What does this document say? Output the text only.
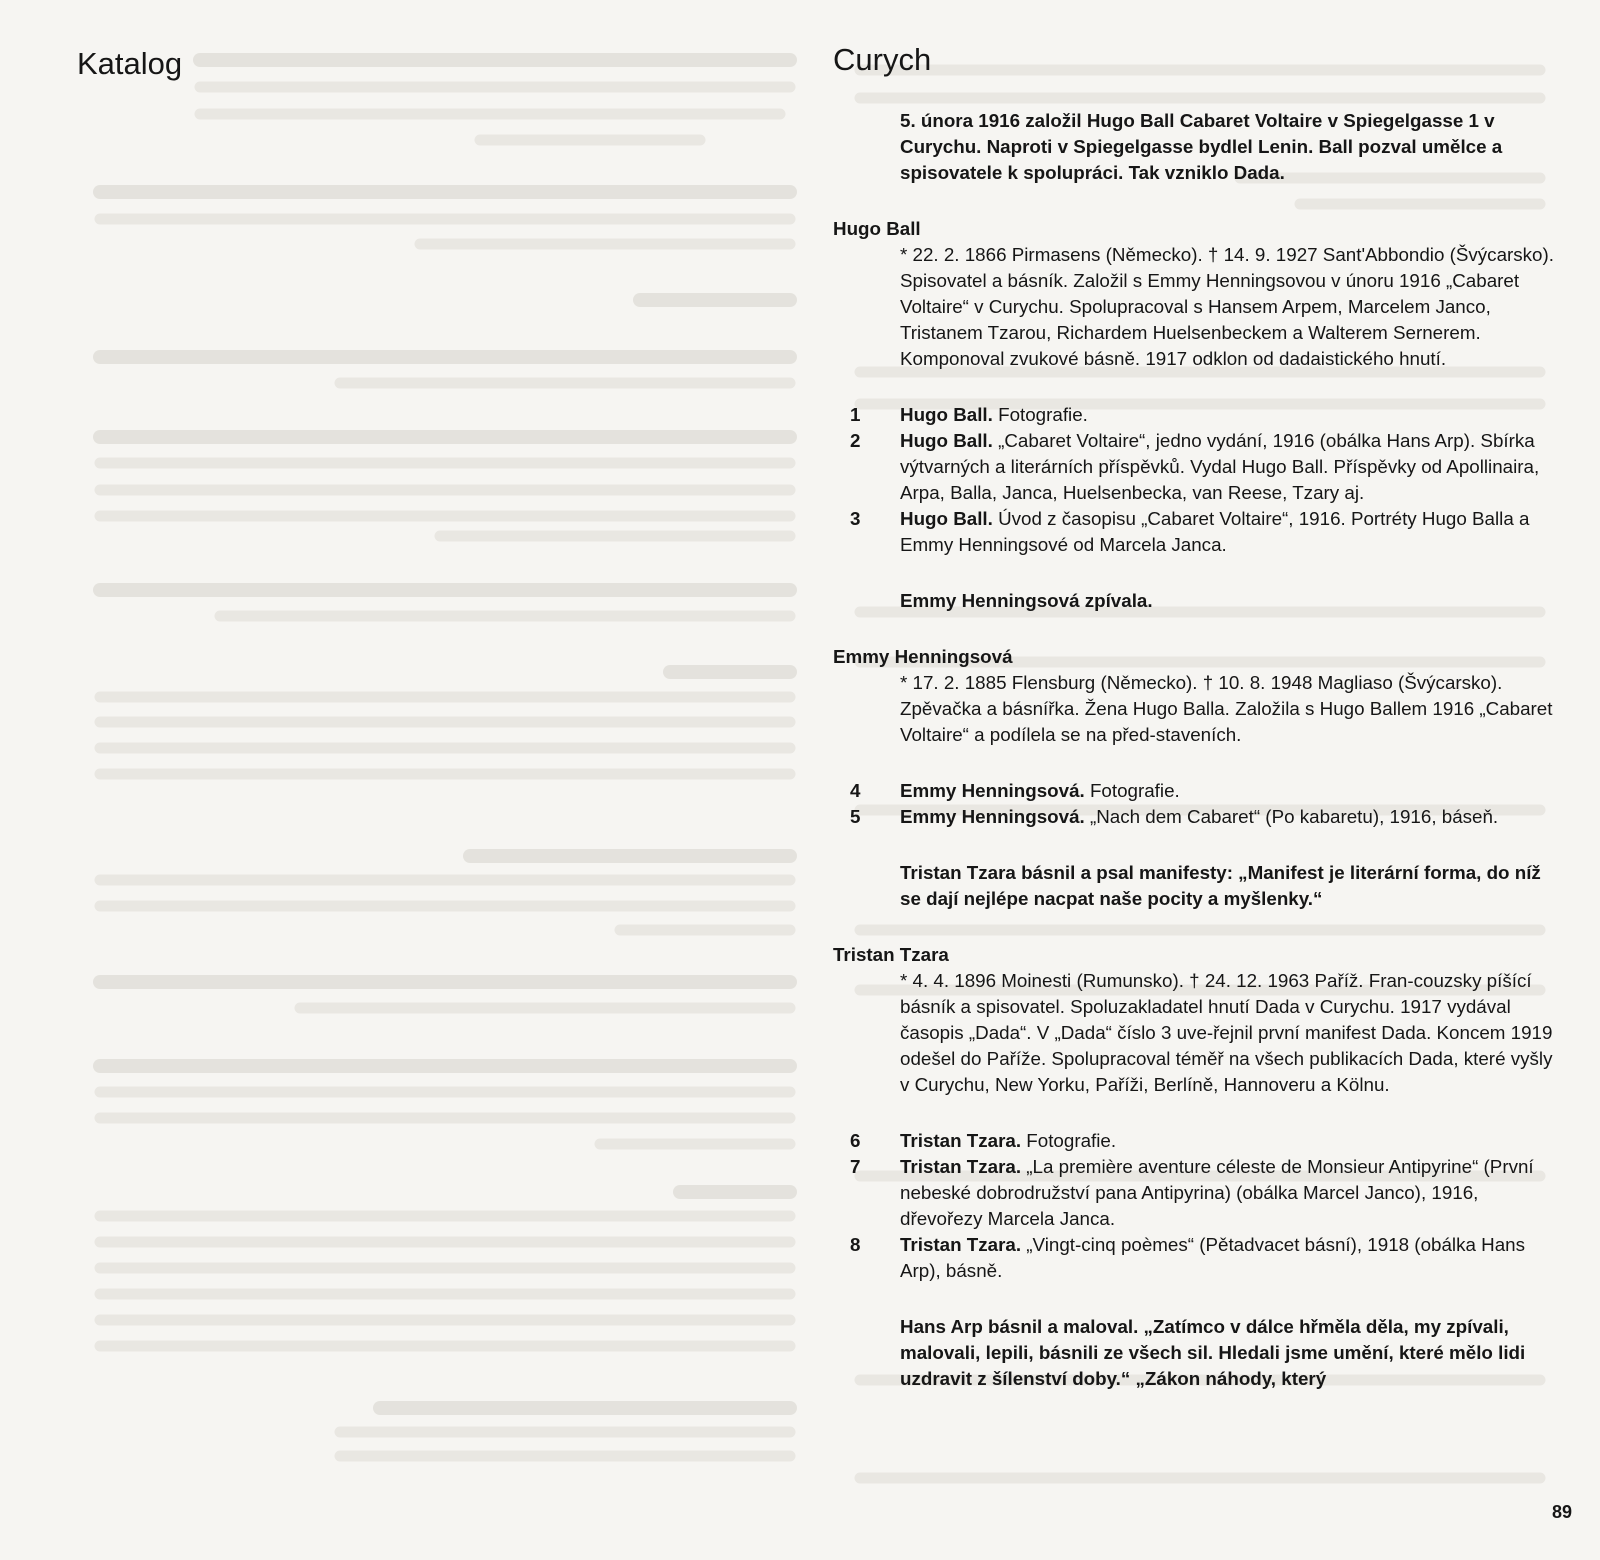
Katalog	Curych
5. února 1916 založil Hugo Ball Cabaret Voltaire v Spiegelgasse 1 v Curychu. Naproti v Spiegelgasse bydlel Lenin. Ball pozval umělce a spisovatele k spolupráci. Tak vzniklo Dada.
Hugo Ball
* 22. 2. 1866 Pirmasens (Německo). † 14. 9. 1927 Sant'Abbondio (Švýcarsko). Spisovatel a básník. Založil s Emmy Henningsovou v únoru 1916 „Cabaret Voltaire“ v Curychu. Spolupracoval s Hansem Arpem, Marcelem Janco, Tristanem Tzarou, Richardem Huelsenbeckem a Walterem Sernerem. Komponoval zvukové básně. 1917 odklon od dadaistického hnutí.
1	Hugo Ball. Fotografie.
2	Hugo Ball. „Cabaret Voltaire“, jedno vydání, 1916 (obálka Hans Arp). Sbírka výtvarných a literárních příspěvků. Vydal Hugo Ball. Příspěvky od Apollinaira, Arpa, Balla, Janca, Huelsenbecka, van Reese, Tzary aj.
3	Hugo Ball. Úvod z časopisu „Cabaret Voltaire“, 1916. Portréty Hugo Balla a Emmy Henningsové od Marcela Janca.
Emmy Henningsová zpívala.
Emmy Henningsová
* 17. 2. 1885 Flensburg (Německo). † 10. 8. 1948 Magliaso (Švýcarsko). Zpěvačka a básnířka. Žena Hugo Balla. Založila s Hugo Ballem 1916 „Cabaret Voltaire“ a podílela se na před-staveních.
4	Emmy Henningsová. Fotografie.
5	Emmy Henningsová. „Nach dem Cabaret“ (Po kabaretu), 1916, báseň.
Tristan Tzara básnil a psal manifesty: „Manifest je literární forma, do níž se dají nejlépe nacpat naše pocity a myšlenky.“
Tristan Tzara
* 4. 4. 1896 Moinesti (Rumunsko). † 24. 12. 1963 Paříž. Fran-couzsky píšící básník a spisovatel. Spoluzakladatel hnutí Dada v Curychu. 1917 vydával časopis „Dada“. V „Dada“ číslo 3 uve-řejnil první manifest Dada. Koncem 1919 odešel do Paříže. Spolupracoval téměř na všech publikacích Dada, které vyšly v Curychu, New Yorku, Paříži, Berlíně, Hannoveru a Kölnu.
6	Tristan Tzara. Fotografie.
7	Tristan Tzara. „La première aventure céleste de Monsieur Antipyrine“ (První nebeské dobrodružství pana Antipyrina) (obálka Marcel Janco), 1916, dřevořezy Marcela Janca.
8	Tristan Tzara. „Vingt-cinq poèmes“ (Pětadvacet básní), 1918 (obálka Hans Arp), básně.
Hans Arp básnil a maloval. „Zatímco v dálce hřměla děla, my zpívali, malovali, lepili, básnili ze všech sil. Hledali jsme umění, které mělo lidi uzdravit z šílenství doby.“ „Zákon náhody, který
89
